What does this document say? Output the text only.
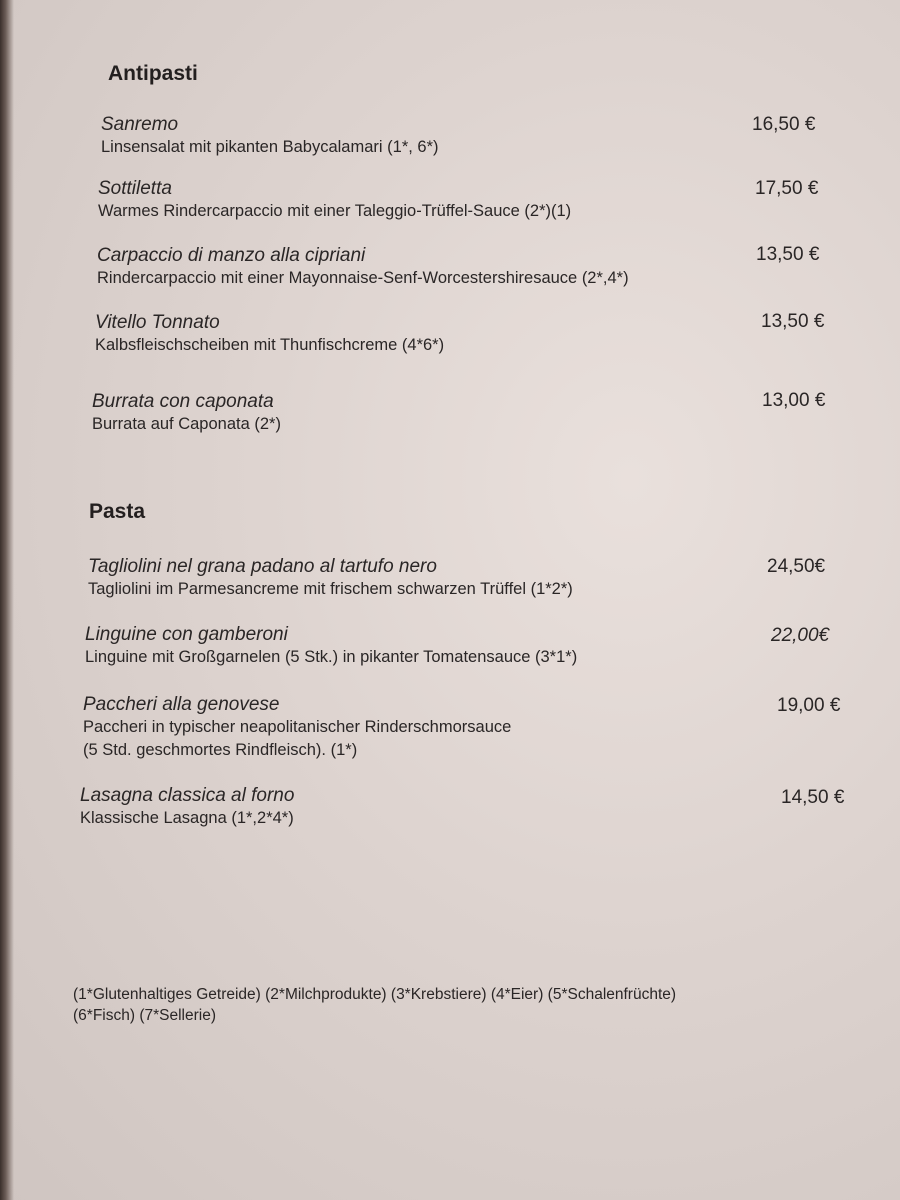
Antipasti
Sanremo
Linsensalat mit pikanten Babycalamari (1*, 6*)
16,50 €
Sottiletta
Warmes Rindercarpaccio mit einer Taleggio-Trüffel-Sauce (2*)(1)
17,50 €
Carpaccio di manzo alla cipriani
Rindercarpaccio mit einer Mayonnaise-Senf-Worcestershiresauce (2*,4*)
13,50 €
Vitello Tonnato
Kalbsfleischscheiben mit Thunfischcreme (4*6*)
13,50 €
Burrata con caponata
Burrata auf Caponata (2*)
13,00 €
Pasta
Tagliolini nel grana padano al tartufo nero
Tagliolini im Parmesancreme mit frischem schwarzen Trüffel (1*2*)
24,50€
Linguine con gamberoni
Linguine mit Großgarnelen (5 Stk.) in pikanter Tomatensauce (3*1*)
22,00€
Paccheri alla genovese
Paccheri in typischer neapolitanischer Rinderschmorsauce
(5 Std. geschmortes Rindfleisch). (1*)
19,00 €
Lasagna classica al forno
Klassische Lasagna (1*,2*4*)
14,50 €
(1*Glutenhaltiges Getreide) (2*Milchprodukte) (3*Krebstiere) (4*Eier) (5*Schalenfrüchte)
(6*Fisch) (7*Sellerie)
